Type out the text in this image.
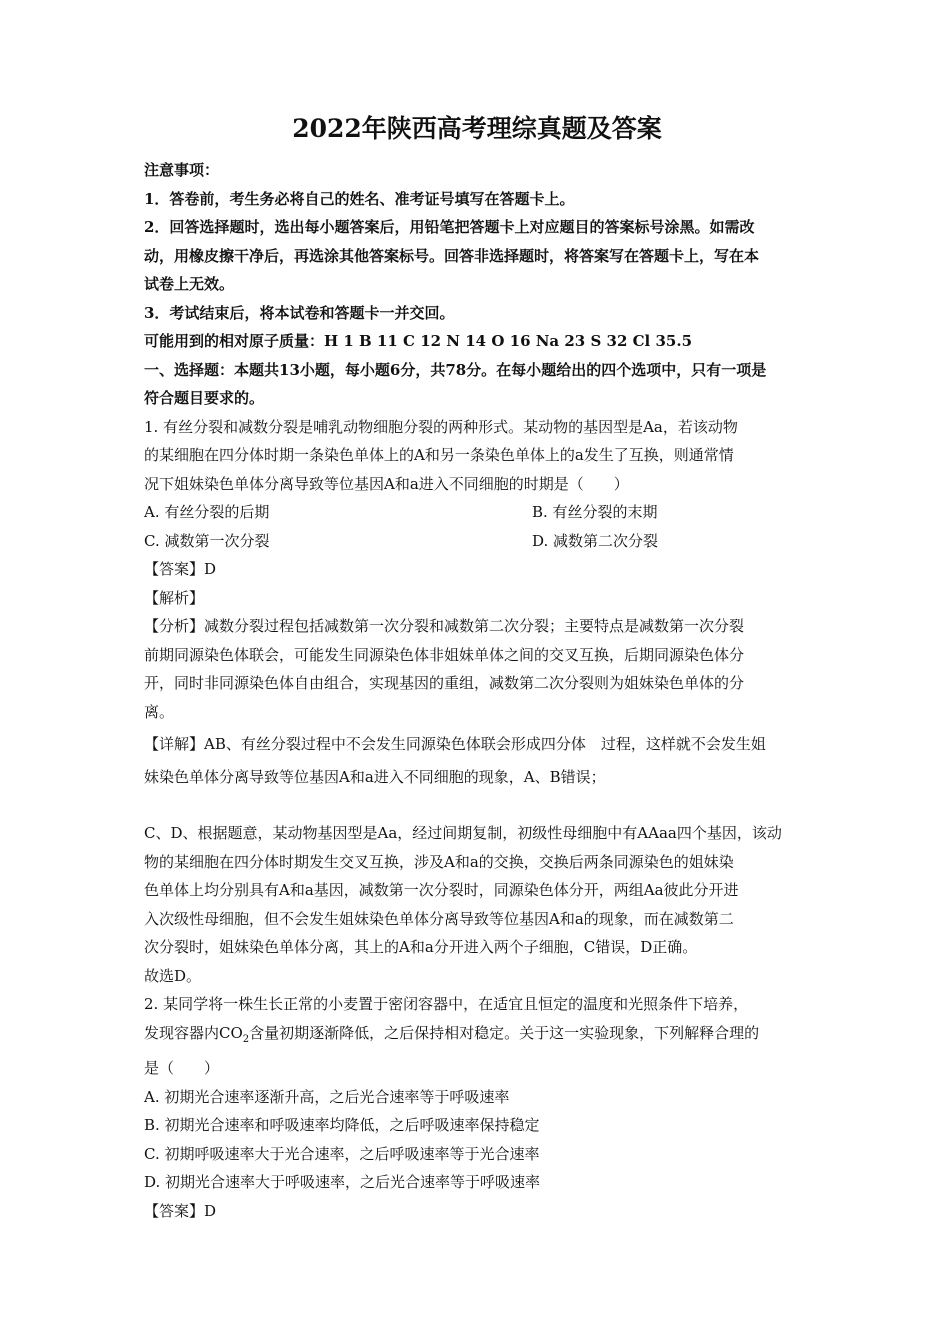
2022年陕西高考理综真题及答案
注意事项：
1．答卷前，考生务必将自己的姓名、准考证号填写在答题卡上。
2．回答选择题时，选出每小题答案后，用铅笔把答题卡上对应题目的答案标号涂黑。如需改
动，用橡皮擦干净后，再选涂其他答案标号。回答非选择题时，将答案写在答题卡上，写在本
试卷上无效。
3．考试结束后，将本试卷和答题卡一并交回。
可能用到的相对原子质量：H 1 B 11 C 12 N 14 O 16 Na 23 S 32 Cl 35.5
一、选择题：本题共13小题，每小题6分，共78分。在每小题给出的四个选项中，只有一项是
符合题目要求的。
1. 有丝分裂和减数分裂是哺乳动物细胞分裂的两种形式。某动物的基因型是Aa，若该动物
的某细胞在四分体时期一条染色单体上的A和另一条染色单体上的a发生了互换，则通常情
况下姐妹染色单体分离导致等位基因A和a进入不同细胞的时期是（　　）
A. 有丝分裂的后期	B. 有丝分裂的末期
C. 减数第一次分裂	D. 减数第二次分裂
【答案】D
【解析】
【分析】减数分裂过程包括减数第一次分裂和减数第二次分裂；主要特点是减数第一次分裂
前期同源染色体联会，可能发生同源染色体非姐妹单体之间的交叉互换，后期同源染色体分
开，同时非同源染色体自由组合，实现基因的重组，减数第二次分裂则为姐妹染色单体的分
离。
【详解】AB、有丝分裂过程中不会发生同源染色体联会形成四分体　过程，这样就不会发生姐
妹染色单体分离导致等位基因A和a进入不同细胞的现象，A、B错误；
C、D、根据题意，某动物基因型是Aa，经过间期复制，初级性母细胞中有AAaa四个基因，该动
物的某细胞在四分体时期发生交叉互换，涉及A和a的交换，交换后两条同源染色的姐妹染
色单体上均分别具有A和a基因，减数第一次分裂时，同源染色体分开，两组Aa彼此分开进
入次级性母细胞，但不会发生姐妹染色单体分离导致等位基因A和a的现象，而在减数第二
次分裂时，姐妹染色单体分离，其上的A和a分开进入两个子细胞，C错误，D正确。
故选D。
2. 某同学将一株生长正常的小麦置于密闭容器中，在适宜且恒定的温度和光照条件下培养，
发现容器内$CO_2$含量初期逐渐降低，之后保持相对稳定。关于这一实验现象，下列解释合理的
是（　　）
A. 初期光合速率逐渐升高，之后光合速率等于呼吸速率
B. 初期光合速率和呼吸速率均降低，之后呼吸速率保持稳定
C. 初期呼吸速率大于光合速率，之后呼吸速率等于光合速率
D. 初期光合速率大于呼吸速率，之后光合速率等于呼吸速率
【答案】D
